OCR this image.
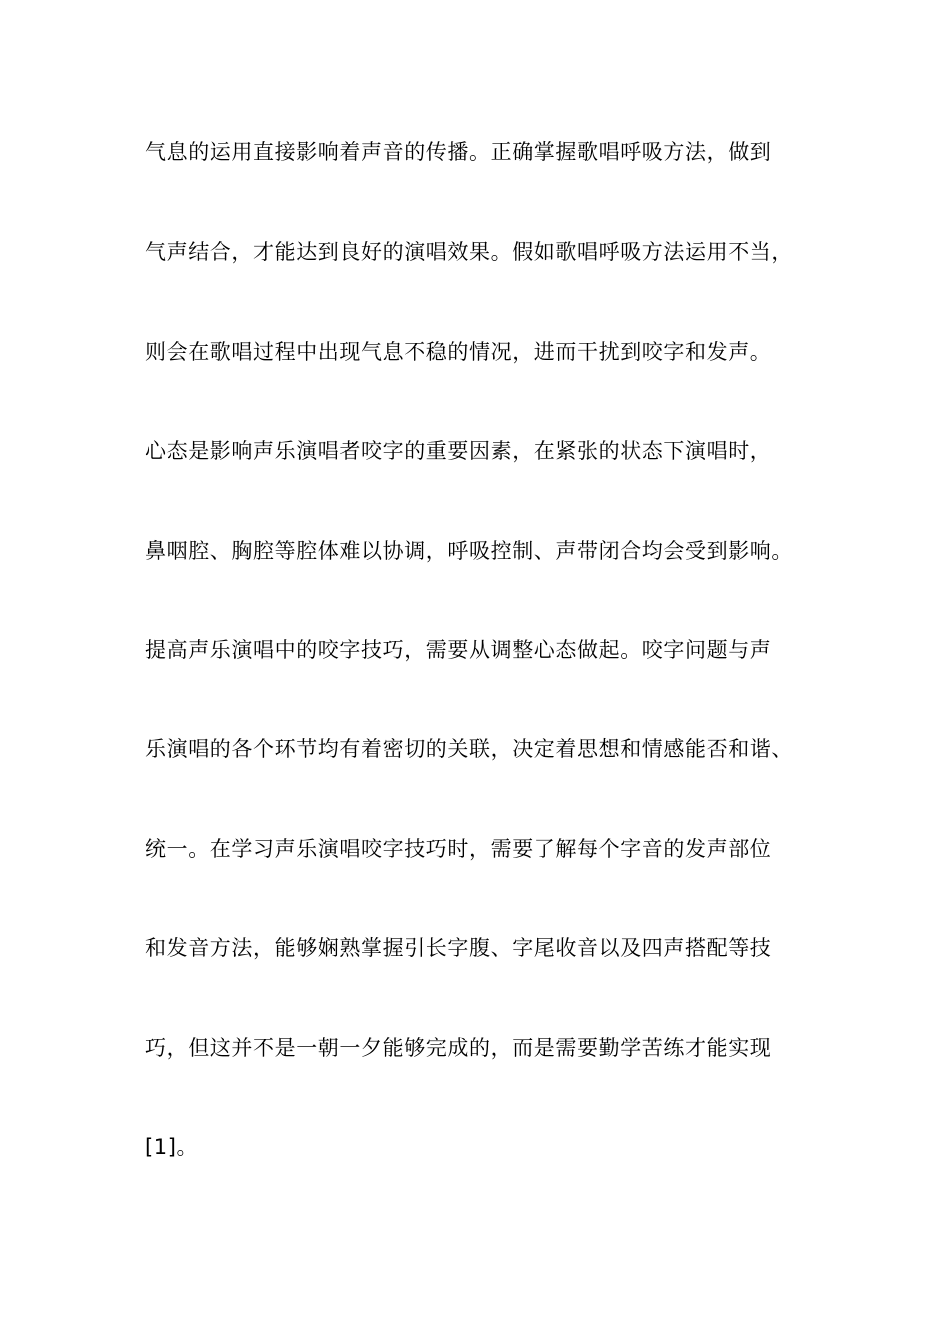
气息的运用直接影响着声音的传播。正确掌握歌唱呼吸方法，做到
气声结合，才能达到良好的演唱效果。假如歌唱呼吸方法运用不当，
则会在歌唱过程中出现气息不稳的情况，进而干扰到咬字和发声。
心态是影响声乐演唱者咬字的重要因素，在紧张的状态下演唱时，
鼻咽腔、胸腔等腔体难以协调，呼吸控制、声带闭合均会受到影响。
提高声乐演唱中的咬字技巧，需要从调整心态做起。咬字问题与声
乐演唱的各个环节均有着密切的关联，决定着思想和情感能否和谐、
统一。在学习声乐演唱咬字技巧时，需要了解每个字音的发声部位
和发音方法，能够娴熟掌握引长字腹、字尾收音以及四声搭配等技
巧，但这并不是一朝一夕能够完成的，而是需要勤学苦练才能实现
[1]。
